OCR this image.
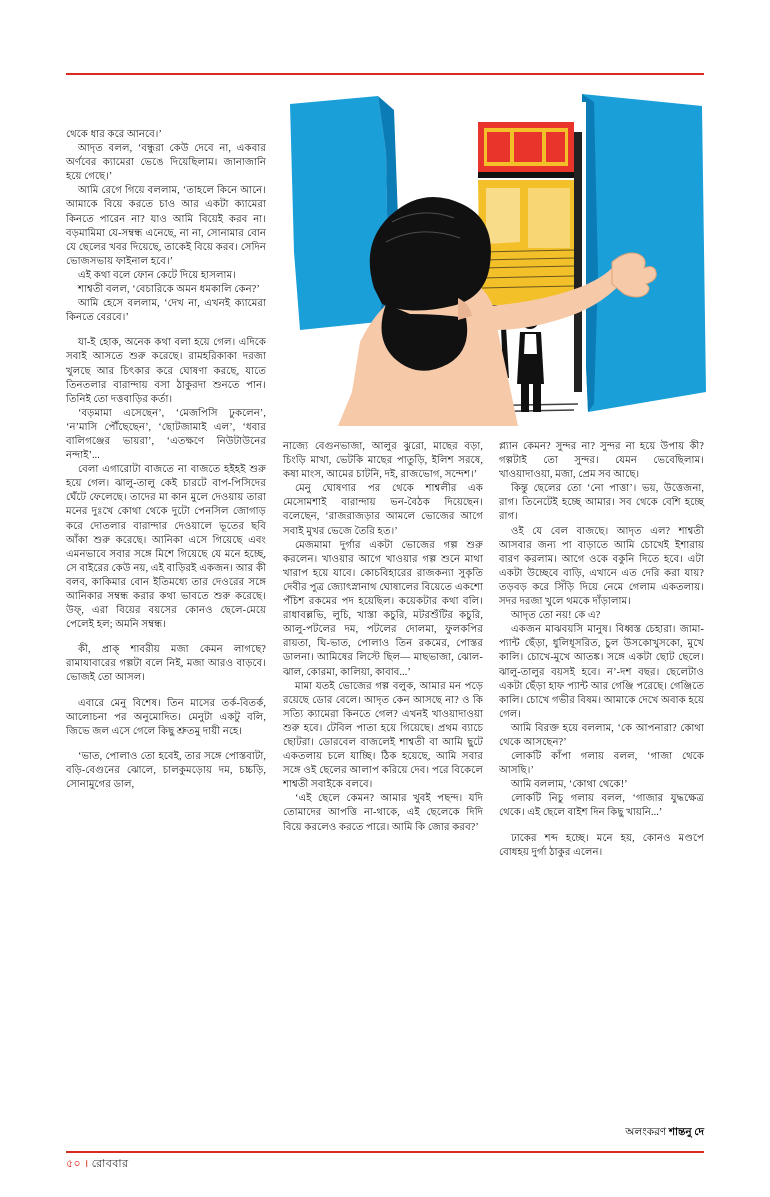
থেকে ধার করে আনবে।’

আদৃত বলল, ‘বন্ধুরা কেউ দেবে না, একবার অর্ণবের ক্যামেরা ভেঙে দিয়েছিলাম। জানাজানি হয়ে গেছে।’

আমি রেগে গিয়ে বললাম, ‘তাহলে কিনে আনে। আমাকে বিয়ে করতে চাও আর একটা ক্যামেরা কিনতে পারেন না? যাও আমি বিয়েই করব না। বড়মামিমা যে-সম্বন্ধ এনেছে, না না, সোনামার বোন যে ছেলের খবর দিয়েছে, তাকেই বিয়ে করব। সেদিন ভোজসভায় ফাইনাল হবে।’

এই কথা বলে ফোন কেটে দিয়ে হাসলাম।

শাশ্বতী বলল, ‘বেচারিকে অমন ধমকালি কেন?’

আমি হেসে বললাম, ‘দেখ না, এখনই ক্যামেরা কিনতে বেরবে।’

যা-ই হোক, অনেক কথা বলা হয়ে গেল। এদিকে সবাই আসতে শুরু করেছে। রামহরিকাকা দরজা খুলছে আর চিৎকার করে ঘোষণা করছে, যাতে তিনতলার বারান্দায় বসা ঠাকুরদা শুনতে পান। তিনিই তো দত্তবাড়ির কর্তা।

‘বড়মামা এসেছেন’, ‘মেজপিসি ঢুকলেন’, ‘ন’মাসি পৌঁছেছেন’, ‘ছোটজামাই এল’, ‘ধবার বালিগঞ্জের ভায়রা’, ‘এতক্ষণে নিউটাউনের নন্দাই’...

বেলা এগারোটা বাজতে না বাজতে হইহই শুরু হয়ে গেল। ঝালু-তালু কেই চারটে বাপ-পিসিদের ঘেঁটে ফেলেছে। তাদের মা কান মুলে দেওয়ায় তারা মনের দুঃখে কোথা থেকে দুটো পেনসিল জোগাড় করে দোতলার বারান্দার দেওয়ালে ভূতের ছবি আঁকা শুরু করেছে। আনিকা এসে গিয়েছে এবং এমনভাবে সবার সঙ্গে মিশে গিয়েছে যে মনে হচ্ছে, সে বাইরের কেউ নয়, এই বাড়িরই একজন। আর কী বলব, কাকিমার বোন ইতিমধ্যে তার দেওরের সঙ্গে আনিকার সম্বন্ধ করার কথা ভাবতে শুরু করেছে। উফ্, এরা বিয়ের বয়সের কোনও ছেলে-মেয়ে পেলেই হল; অমনি সম্বন্ধ।

কী, প্রাক্ শাবরীয় মজা কেমন লাগছে? রামাযাবারের গল্পটা বলে নিই, মজা আরও বাড়বে। ভোজই তো আসল।

এবারে মেনু বিশেষ। তিন মাসের তর্ক-বিতর্ক, আলোচনা পর অনুমোদিত। মেনুটা একটু বলি, জিভে জল এসে গেলে কিছু শ্রুতমু দায়ী নহে।

‘ভাত, পোলাও তো হবেই, তার সঙ্গে পোস্তবাটা, বড়ি-বেগুনের ঝোলে, চালকুমড়োয় দম, চচ্চড়ি, সোনামুগের ডাল,

নাজ্যে বেগুনভাজা, আলুর ঝুরো, মাছের বড়া, চিংড়ি মাখা, ভেটকি মাছের পাতুড়ি, ইলিশ সরষে, কষা মাংস, আমের চাটনি, দই, রাজভোগ, সন্দেশ।’

মেনু ঘোষণার পর থেকে শাশ্বলীর এক মেসোমশাই বারান্দায় ভন-বৈঠক দিয়েছেন। বলেছেন, ‘রাজরাজড়ার আমলে ভোজের আগে সবাই মুখর ভেজে তৈরি হত।’

মেজমামা দুর্গার একটা ভোজের গল্প শুরু করলেন। খাওয়ার আগে খাওয়ার গল্প শুনে মাথা খারাপ হয়ে যাবে। কোচবিহারের রাজকন্যা সুকৃতি দেবীর পুত্র জ্যোৎস্নানাথ ঘোষালের বিয়েতে একশো পঁচিশ রকমের পদ হয়েছিল। কয়েকটার কথা বলি। রাধাবল্লভি, লুচি, খাস্তা কচুরি, মটরশুঁটির কচুরি, আলু-পটলের দম, পটলের দোলমা, ফুলকপির রায়তা, ঘি-ভাত, পোলাও তিন রকমের, পোস্তর ডালনা। আমিষের লিস্টে ছিল— মাছভাজা, ঝোল-ঝাল, কোরমা, কালিয়া, কাবাব...’

মামা যতই ভোজের গল্প বলুক, আমার মন পড়ে রয়েছে ডোর বেলে। আদৃত কেন আসছে না? ও কি সত্যি ক্যামেরা কিনতে গেল? এখনই খাওয়াদাওয়া শুরু হবে। টেবিল পাতা হয়ে গিয়েছে। প্রথম ব্যাচে ছোটরা। ডোরবেল বাজলেই শাশ্বতী বা আমি ছুটে একতলায় চলে যাচ্ছি। ঠিক হয়েছে, আমি সবার সঙ্গে ওই ছেলের আলাপ করিয়ে দেব। পরে বিকেলে শাশ্বতী সবাইকে বলবে।

‘এই ছেলে কেমন? আমার খুবই পছন্দ। যদি তোমাদের আপত্তি না-থাকে, এই ছেলেকে দিদি বিয়ে করলেও করতে পারে। আমি কি জোর করব?’

প্ল্যান কেমন? সুন্দর না? সুন্দর না হয়ে উপায় কী? গল্পটাই তো সুন্দর। যেমন ভেবেছিলাম। খাওয়াদাওয়া, মজা, প্রেম সব আছে।

কিন্তু ছেলের তো ‘নো পাত্তা’। ভয়, উত্তেজনা, রাগ। তিনেটেই হচ্ছে আমার। সব থেকে বেশি হচ্ছে রাগ।

ওই যে বেল বাজছে। আদৃত এল? শাশ্বতী আসবার জন্য পা বাড়াতে আমি চোখেই ইশারায় বারণ করলাম। আগে ওকে বকুনি দিতে হবে। এটা একটা উচ্ছেবে বাড়ি, এখানে এত দেরি করা যায়? তড়বড় করে সিঁড়ি দিয়ে নেমে গেলাম একতলায়। সদর দরজা খুলে থমকে দাঁড়ালাম।

আদৃত তো নয়! কে এ?

একজন মাঝবয়সি মানুষ। বিধ্বস্ত চেহারা। জামা-প্যান্ট ছেঁড়া, ধুলিধূসরিত, চুল উসকোখুসকো, মুখে কালি। চোখে-মুখে আতঙ্ক। সঙ্গে একটা ছোট ছেলে। ঝালু-তালুর বয়সই হবে। ন’-দশ বছর। ছেলেটাও একটা ছেঁড়া হাফ প্যান্ট আর গেঞ্জি পরেছে। গেঞ্জিতে কালি। চোখে গভীর বিষম। আমাকে দেখে অবাক হয়ে গেল।

আমি বিরক্ত হয়ে বললাম, ‘কে আপনারা? কোথা থেকে আসছেন?’

লোকটি কাঁপা গলায় বলল, ‘গাজা থেকে আসছি।’

আমি বললাম, ‘কোথা থেকে!’

লোকটি নিচু গলায় বলল, ‘গাজার যুদ্ধক্ষেত্র থেকে। এই ছেলে বাইশ দিন কিছু খায়নি...’

ঢাকের শব্দ হচ্ছে। মনে হয়, কোনও মণ্ডপে বোধহয় দুর্গা ঠাকুর এলেন।

অলংকরণ শান্তনু দে
৫০ । রোববার
